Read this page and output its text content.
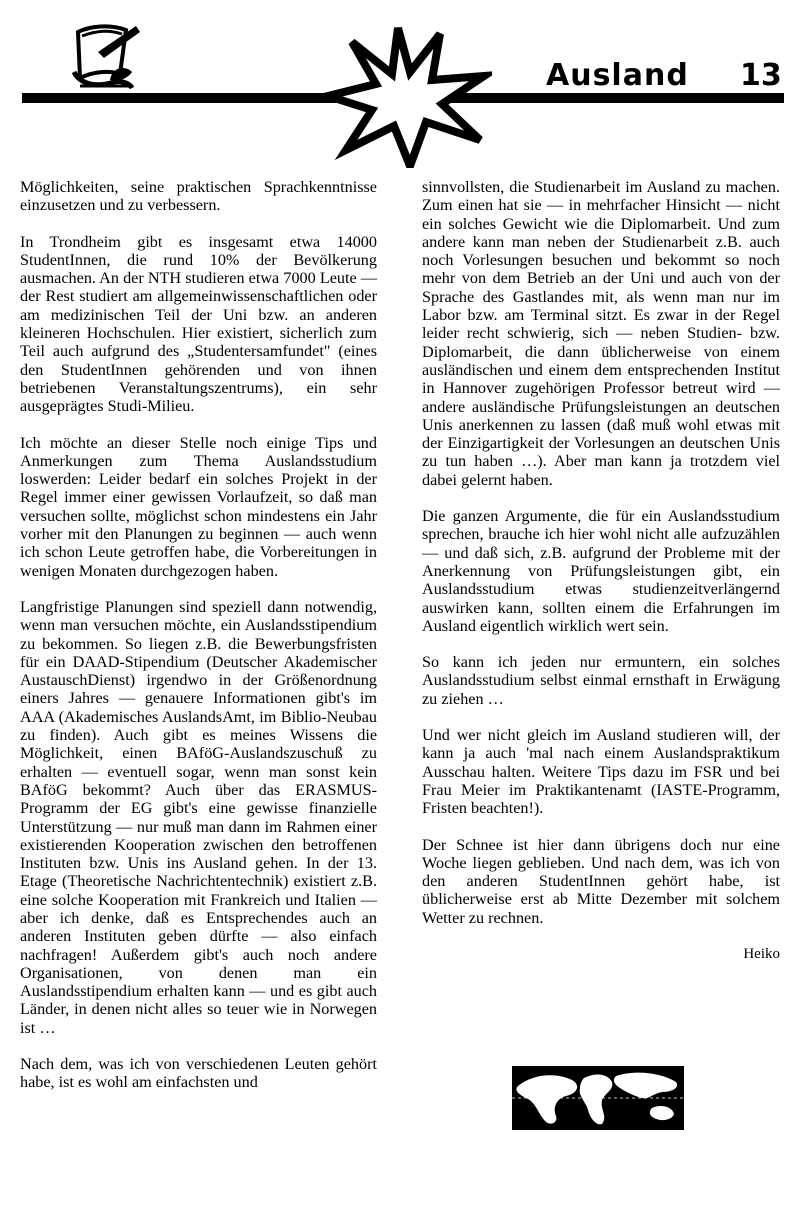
Ausland 13

Möglichkeiten, seine praktischen Sprachkenntnisse einzusetzen und zu verbessern.

In Trondheim gibt es insgesamt etwa 14000 StudentInnen, die rund 10% der Bevölkerung ausmachen. An der NTH studieren etwa 7000 Leute — der Rest studiert am allgemeinwissenschaftlichen oder am medizinischen Teil der Uni bzw. an anderen kleineren Hochschulen. Hier existiert, sicherlich zum Teil auch aufgrund des „Studentersamfundet" (eines den StudentInnen gehörenden und von ihnen betriebenen Veranstaltungszentrums), ein sehr ausgeprägtes Studi-Milieu.

Ich möchte an dieser Stelle noch einige Tips und Anmerkungen zum Thema Auslandsstudium loswerden: Leider bedarf ein solches Projekt in der Regel immer einer gewissen Vorlaufzeit, so daß man versuchen sollte, möglichst schon mindestens ein Jahr vorher mit den Planungen zu beginnen — auch wenn ich schon Leute getroffen habe, die Vorbereitungen in wenigen Monaten durchgezogen haben.

Langfristige Planungen sind speziell dann notwendig, wenn man versuchen möchte, ein Auslandsstipendium zu bekommen. So liegen z.B. die Bewerbungsfristen für ein DAAD-Stipendium (Deutscher Akademischer AustauschDienst) irgendwo in der Größenordnung einers Jahres — genauere Informationen gibt's im AAA (Akademisches AuslandsAmt, im Biblio-Neubau zu finden). Auch gibt es meines Wissens die Möglichkeit, einen BAföG-Auslandszuschuß zu erhalten — eventuell sogar, wenn man sonst kein BAföG bekommt? Auch über das ERASMUS-Programm der EG gibt's eine gewisse finanzielle Unterstützung — nur muß man dann im Rahmen einer existierenden Kooperation zwischen den betroffenen Instituten bzw. Unis ins Ausland gehen. In der 13. Etage (Theoretische Nachrichtentechnik) existiert z.B. eine solche Kooperation mit Frankreich und Italien — aber ich denke, daß es Entsprechendes auch an anderen Instituten geben dürfte — also einfach nachfragen! Außerdem gibt's auch noch andere Organisationen, von denen man ein Auslandsstipendium erhalten kann — und es gibt auch Länder, in denen nicht alles so teuer wie in Norwegen ist …

Nach dem, was ich von verschiedenen Leuten gehört habe, ist es wohl am einfachsten und

sinnvollsten, die Studienarbeit im Ausland zu machen. Zum einen hat sie — in mehrfacher Hinsicht — nicht ein solches Gewicht wie die Diplomarbeit. Und zum andere kann man neben der Studienarbeit z.B. auch noch Vorlesungen besuchen und bekommt so noch mehr von dem Betrieb an der Uni und auch von der Sprache des Gastlandes mit, als wenn man nur im Labor bzw. am Terminal sitzt. Es zwar in der Regel leider recht schwierig, sich — neben Studien- bzw. Diplomarbeit, die dann üblicherweise von einem ausländischen und einem dem entsprechenden Institut in Hannover zugehörigen Professor betreut wird — andere ausländische Prüfungsleistungen an deutschen Unis anerkennen zu lassen (daß muß wohl etwas mit der Einzigartigkeit der Vorlesungen an deutschen Unis zu tun haben …). Aber man kann ja trotzdem viel dabei gelernt haben.

Die ganzen Argumente, die für ein Auslandsstudium sprechen, brauche ich hier wohl nicht alle aufzuzählen — und daß sich, z.B. aufgrund der Probleme mit der Anerkennung von Prüfungsleistungen gibt, ein Auslandsstudium etwas studienzeitverlängernd auswirken kann, sollten einem die Erfahrungen im Ausland eigentlich wirklich wert sein.

So kann ich jeden nur ermuntern, ein solches Auslandsstudium selbst einmal ernsthaft in Erwägung zu ziehen …

Und wer nicht gleich im Ausland studieren will, der kann ja auch 'mal nach einem Auslandspraktikum Ausschau halten. Weitere Tips dazu im FSR und bei Frau Meier im Praktikantenamt (IASTE-Programm, Fristen beachten!).

Der Schnee ist hier dann übrigens doch nur eine Woche liegen geblieben. Und nach dem, was ich von den anderen StudentInnen gehört habe, ist üblicherweise erst ab Mitte Dezember mit solchem Wetter zu rechnen.

Heiko
